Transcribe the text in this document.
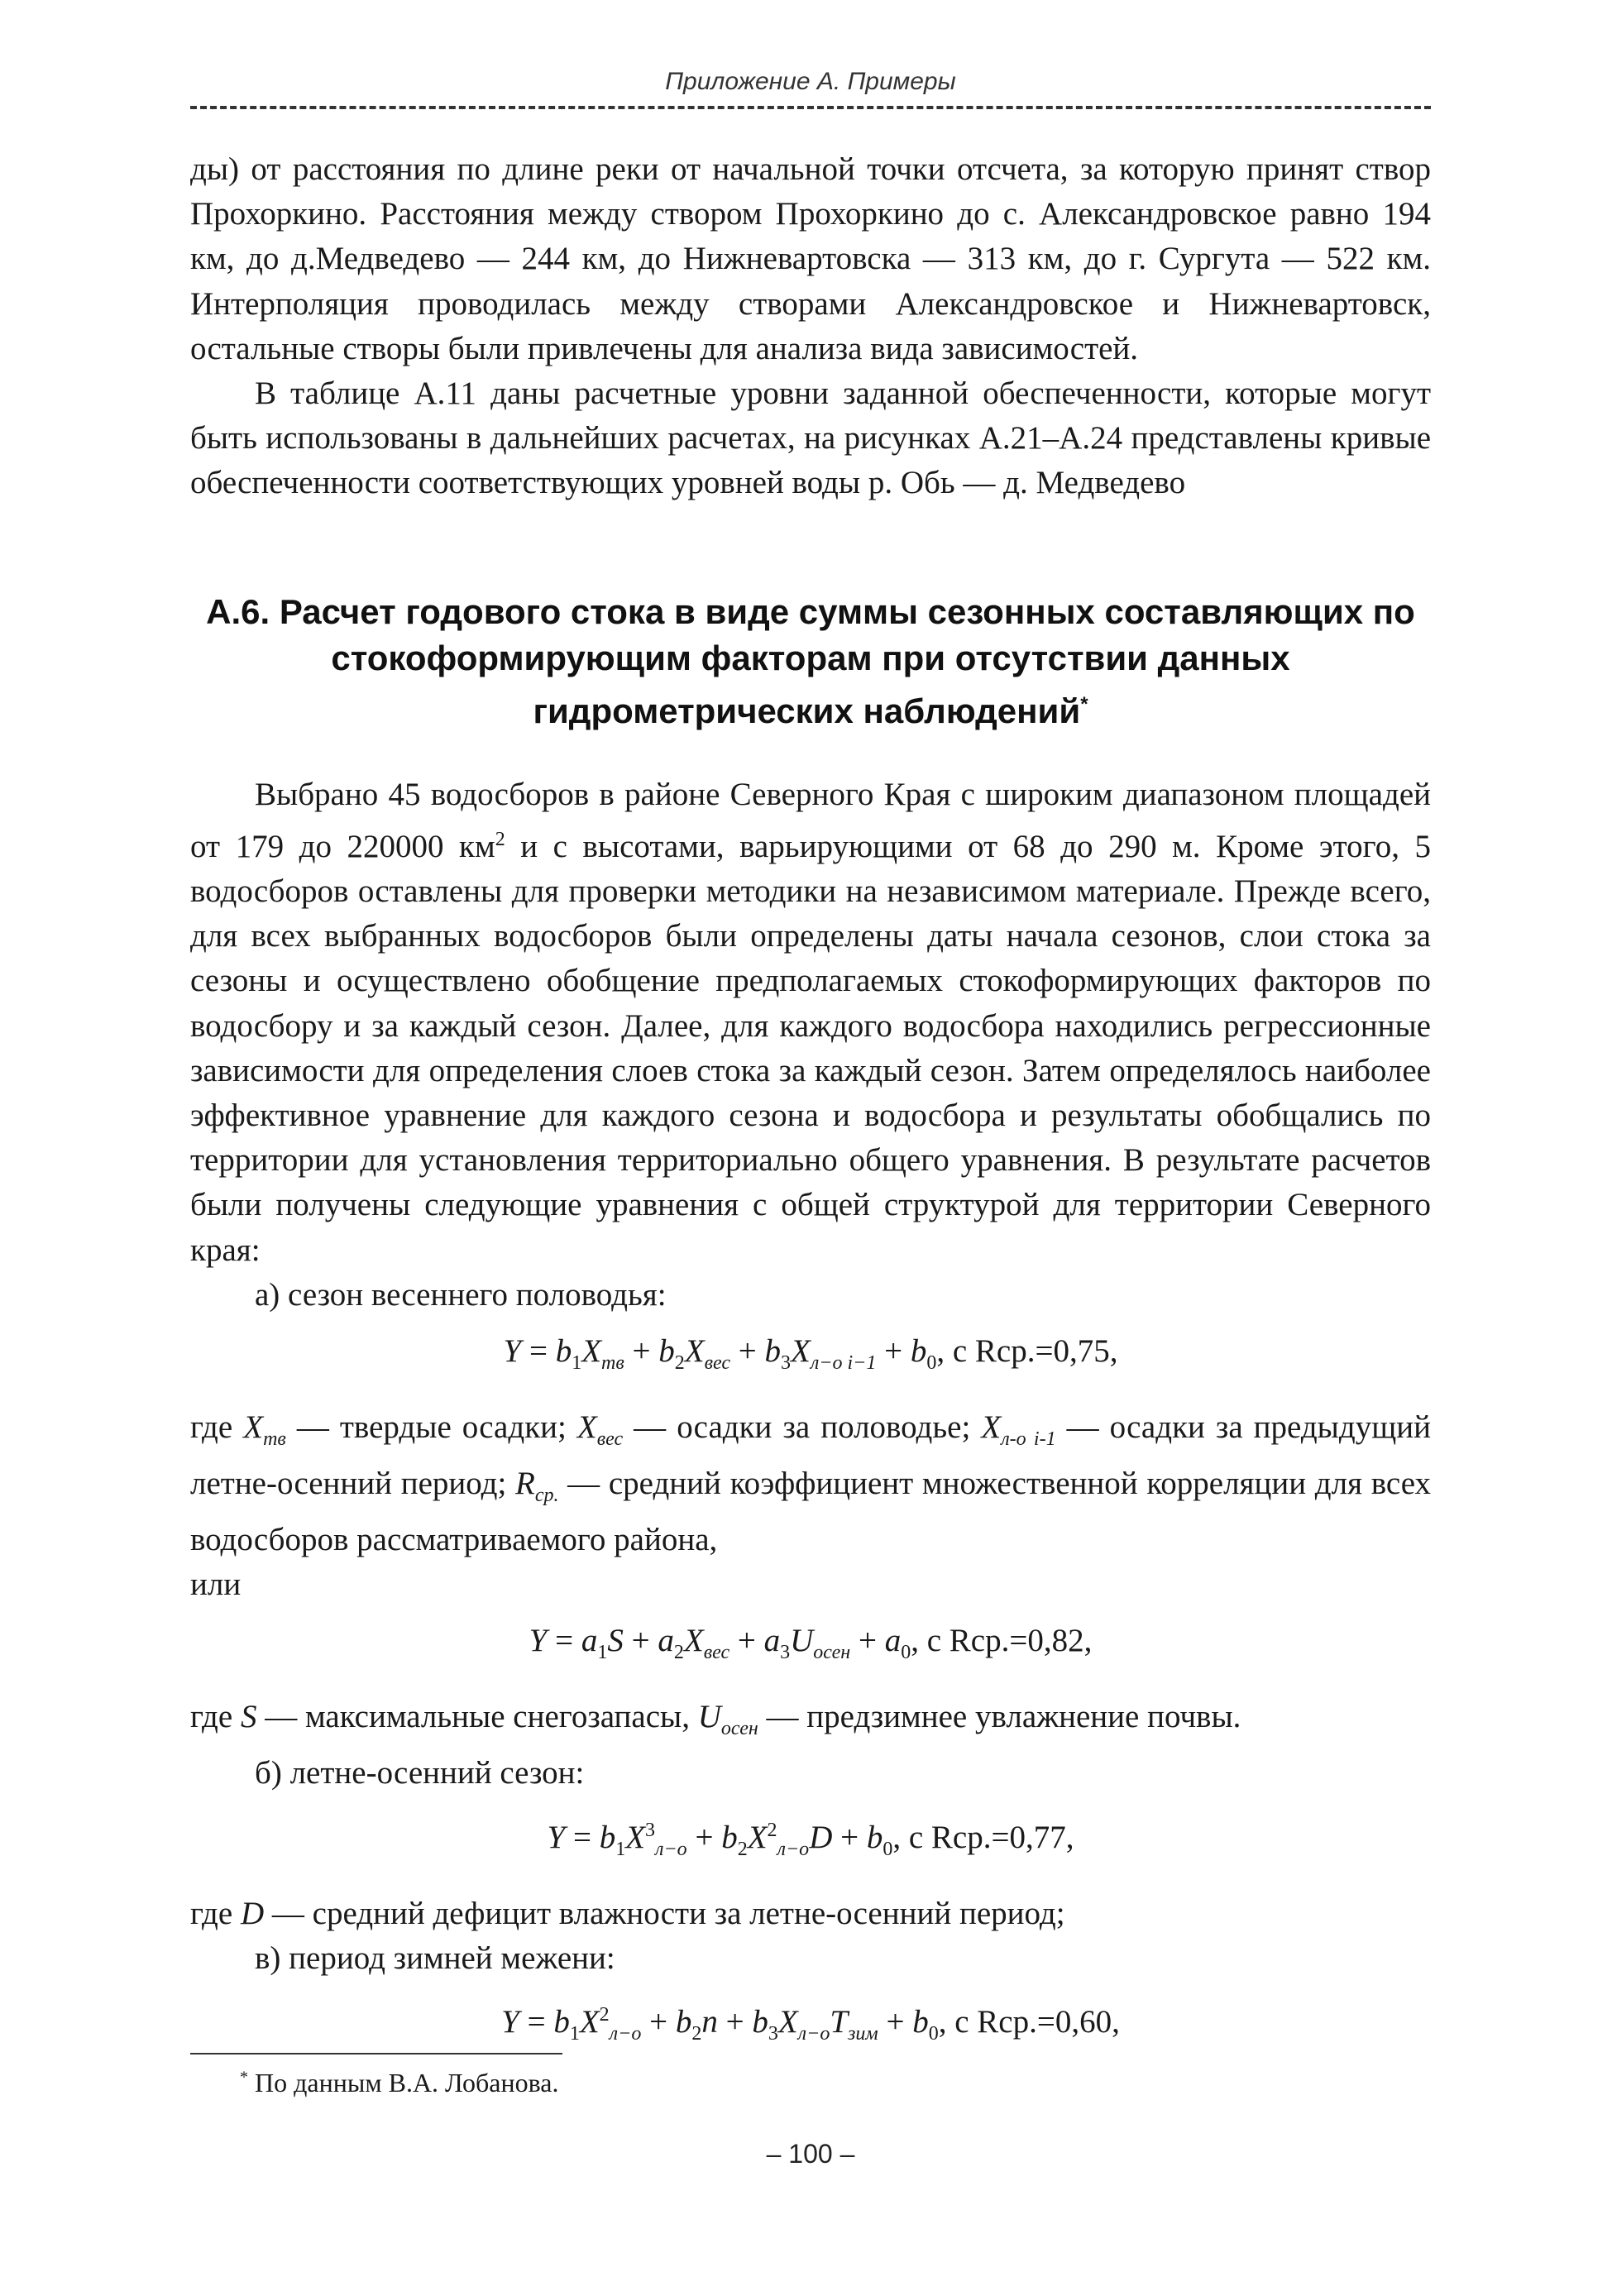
Приложение А. Примеры

ды) от расстояния по длине реки от начальной точки отсчета, за которую принят створ Прохоркино. Расстояния между створом Прохоркино до с. Александровское равно 194 км, до д.Медведево — 244 км, до Нижневартовска — 313 км, до г. Сургута — 522 км. Интерполяция проводилась между створами Александровское и Нижневартовск, остальные створы были привлечены для анализа вида зависимостей.

В таблице А.11 даны расчетные уровни заданной обеспеченности, которые могут быть использованы в дальнейших расчетах, на рисунках А.21–А.24 представлены кривые обеспеченности соответствующих уровней воды р. Обь — д. Медведево

А.6. Расчет годового стока в виде суммы сезонных составляющих по стокоформирующим факторам при отсутствии данных гидрометрических наблюдений*

Выбрано 45 водосборов в районе Северного Края с широким диапазоном площадей от 179 до 220000 $км^2$ и с высотами, варьирующими от 68 до 290 м. Кроме этого, 5 водосборов оставлены для проверки методики на независимом материале. Прежде всего, для всех выбранных водосборов были определены даты начала сезонов, слои стока за сезоны и осуществлено обобщение предполагаемых стокоформирующих факторов по водосбору и за каждый сезон. Далее, для каждого водосбора находились регрессионные зависимости для определения слоев стока за каждый сезон. Затем определялось наиболее эффективное уравнение для каждого сезона и водосбора и результаты обобщались по территории для установления территориально общего уравнения. В результате расчетов были получены следующие уравнения с общей структурой для территории Северного края:

а) сезон весеннего половодья:

$Y = b_1X_{тв} + b_2X_{вес} + b_3X_{л-о i-1} + b_0$, с Rср.=0,75,

где $X_{тв}$ — твердые осадки; $X_{вес}$ — осадки за половодье; $X_{л-о i-1}$ — осадки за предыдущий летне-осенний период; $R_{ср.}$ — средний коэффициент множественной корреляции для всех водосборов рассматриваемого района,

или

$Y = a_1S + a_2X_{вес} + a_3U_{осен} + a_0$, с Rср.=0,82,

где S — максимальные снегозапасы, $U_{осен}$ — предзимнее увлажнение почвы.

б) летне-осенний сезон:

$Y = b_1X^3_{л-о} + b_2X^2_{л-о}D + b_0$, с Rср.=0,77,

где D — средний дефицит влажности за летне-осенний период;

в) период зимней межени:

$Y = b_1X^2_{л-о} + b_2n + b_3X_{л-о}T_{зим} + b_0$, с Rср.=0,60,
* По данным В.А. Лобанова.
– 100 –
